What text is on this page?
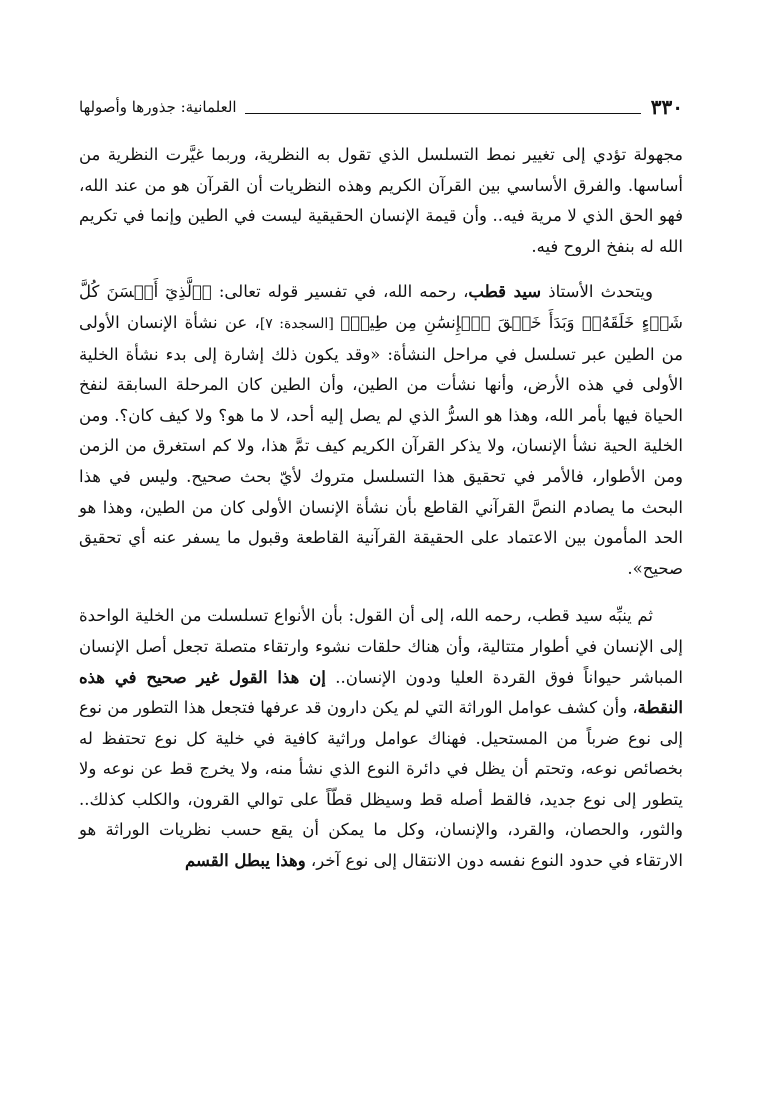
٣٣٠
العلمانية: جذورها وأصولها

مجهولة تؤدي إلى تغيير نمط التسلسل الذي تقول به النظرية، وربما غيَّرت النظرية من أساسها. والفرق الأساسي بين القرآن الكريم وهذه النظريات أن القرآن هو من عند الله، فهو الحق الذي لا مرية فيه.. وأن قيمة الإنسان الحقيقية ليست في الطين وإنما في تكريم الله له بنفخ الروح فيه.

ويتحدث الأستاذ سيد قطب، رحمه الله، في تفسير قوله تعالى: ﴿ٱلَّذِيٓ أَحۡسَنَ كُلَّ شَيۡءٍ خَلَقَهُۥۖ وَبَدَأَ خَلۡقَ ٱلۡإِنسَٰنِ مِن طِينٖ﴾ [السجدة: ٧]، عن نشأة الإنسان الأولى من الطين عبر تسلسل في مراحل النشأة: «وقد يكون ذلك إشارة إلى بدء نشأة الخلية الأولى في هذه الأرض، وأنها نشأت من الطين، وأن الطين كان المرحلة السابقة لنفخ الحياة فيها بأمر الله، وهذا هو السرُّ الذي لم يصل إليه أحد، لا ما هو؟ ولا كيف كان؟. ومن الخلية الحية نشأ الإنسان، ولا يذكر القرآن الكريم كيف تمَّ هذا، ولا كم استغرق من الزمن ومن الأطوار، فالأمر في تحقيق هذا التسلسل متروك لأيّ بحث صحيح. وليس في هذا البحث ما يصادم النصَّ القرآني القاطع بأن نشأة الإنسان الأولى كان من الطين، وهذا هو الحد المأمون بين الاعتماد على الحقيقة القرآنية القاطعة وقبول ما يسفر عنه أي تحقيق صحيح».

ثم ينبِّه سيد قطب، رحمه الله، إلى أن القول: بأن الأنواع تسلسلت من الخلية الواحدة إلى الإنسان في أطوار متتالية، وأن هناك حلقات نشوء وارتقاء متصلة تجعل أصل الإنسان المباشر حيواناً فوق القردة العليا ودون الإنسان.. إن هذا القول غير صحيح في هذه النقطة، وأن كشف عوامل الوراثة التي لم يكن دارون قد عرفها فتجعل هذا التطور من نوع إلى نوع ضرباً من المستحيل. فهناك عوامل وراثية كافية في خلية كل نوع تحتفظ له بخصائص نوعه، وتحتم أن يظل في دائرة النوع الذي نشأ منه، ولا يخرج قط عن نوعه ولا يتطور إلى نوع جديد، فالقط أصله قط وسيظل قطّاً على توالي القرون، والكلب كذلك.. والثور، والحصان، والقرد، والإنسان، وكل ما يمكن أن يقع حسب نظريات الوراثة هو الارتقاء في حدود النوع نفسه دون الانتقال إلى نوع آخر، وهذا يبطل القسم
